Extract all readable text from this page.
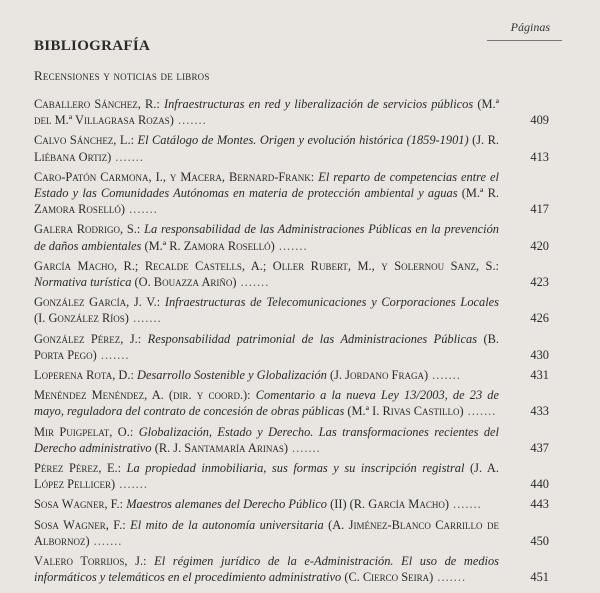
Páginas
BIBLIOGRAFÍA
Recensiones y noticias de libros
Caballero Sánchez, R.: Infraestructuras en red y liberalización de servicios públicos (M.ª del M.ª Villagrasa Rozas) .......	409
Calvo Sánchez, L.: El Catálogo de Montes. Origen y evolución histórica (1859-1901) (J. R. Liébana Ortiz) .......	413
Caro-Patón Carmona, I., y Macera, Bernard-Frank: El reparto de competencias entre el Estado y las Comunidades Autónomas en materia de protección ambiental y aguas (M.ª R. Zamora Roselló) .......	417
Galera Rodrigo, S.: La responsabilidad de las Administraciones Públicas en la prevención de daños ambientales (M.ª R. Zamora Roselló) .......	420
García Macho, R.; Recalde Castells, A.; Oller Rubert, M., y Solernou Sanz, S.: Normativa turística (O. Bouazza Ariño) .......	423
González García, J. V.: Infraestructuras de Telecomunicaciones y Corporaciones Locales (I. González Ríos) .......	426
González Pérez, J.: Responsabilidad patrimonial de las Administraciones Públicas (B. Porta Pego) .......	430
Loperena Rota, D.: Desarrollo Sostenible y Globalización (J. Jordano Fraga) .......	431
Menéndez Menéndez, A. (dir. y coord.): Comentario a la nueva Ley 13/2003, de 23 de mayo, reguladora del contrato de concesión de obras públicas (M.ª I. Rivas Castillo) .......	433
Mir Puigpelat, O.: Globalización, Estado y Derecho. Las transformaciones recientes del Derecho administrativo (R. J. Santamaría Arinas) .......	437
Pérez Pérez, E.: La propiedad inmobiliaria, sus formas y su inscripción registral (J. A. López Pellicer) .......	440
Sosa Wagner, F.: Maestros alemanes del Derecho Público (II) (R. García Macho) .......	443
Sosa Wagner, F.: El mito de la autonomía universitaria (A. Jiménez-Blanco Carrillo de Albornoz) .......	450
Valero Torrijos, J.: El régimen jurídico de la e-Administración. El uso de medios informáticos y telemáticos en el procedimiento administrativo (C. Cierco Seira) .......	451
